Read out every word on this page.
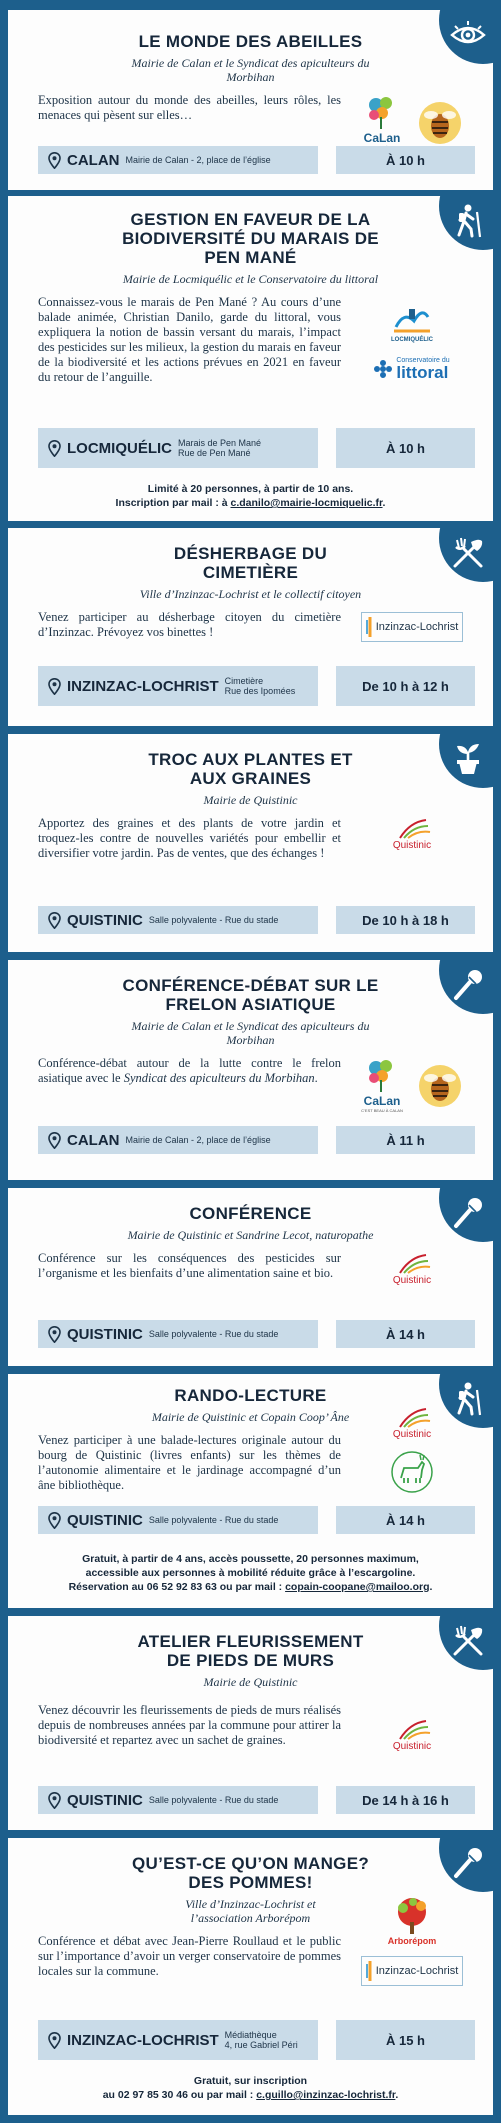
LE MONDE DES ABEILLES

Mairie de Calan et le Syndicat des apiculteurs du Morbihan

Exposition autour du monde des abeilles, leurs rôles, les menaces qui pèsent sur elles…

CaLan
CALAN Mairie de Calan - 2, place de l’église	À 10 h
GESTION EN FAVEUR DE LA BIODIVERSITÉ DU MARAIS DE PEN MANÉ

Mairie de Locmiquélic et le Conservatoire du littoral

Connaissez-vous le marais de Pen Mané ? Au cours d’une balade animée, Christian Danilo, garde du littoral, vous expliquera la notion de bassin versant du marais, l’impact des pesticides sur les milieux, la gestion du marais en faveur de la biodiversité et les actions prévues en 2021 en faveur du retour de l’anguille.

LOCMIQUÉLIC
Conservatoire du
littoral
LOCMIQUÉLIC Marais de Pen Mané
Rue de Pen Mané	À 10 h
Limité à 20 personnes, à partir de 10 ans.
Inscription par mail : à c.danilo@mairie-locmiquelic.fr.
DÉSHERBAGE DU CIMETIÈRE

Ville d’Inzinzac-Lochrist et le collectif citoyen

Venez participer au désherbage citoyen du cimetière d’Inzinzac. Prévoyez vos binettes !	Inzinzac-Lochrist
INZINZAC-LOCHRIST Cimetière
Rue des Ipomées	De 10 h à 12 h
TROC AUX PLANTES ET AUX GRAINES

Mairie de Quistinic

Apportez des graines et des plants de votre jardin et troquez-les contre de nouvelles variétés pour embellir et diversifier votre jardin. Pas de ventes, que des échanges !

Quistinic
QUISTINIC Salle polyvalente - Rue du stade	De 10 h à 18 h
CONFÉRENCE-DÉBAT SUR LE FRELON ASIATIQUE

Mairie de Calan et le Syndicat des apiculteurs du Morbihan

Conférence-débat autour de la lutte contre le frelon asiatique avec le Syndicat des apiculteurs du Morbihan.

CaLan
C’EST BEAU À CALAN
CALAN Mairie de Calan - 2, place de l’église	À 11 h
CONFÉRENCE

Mairie de Quistinic et Sandrine Lecot, naturopathe

Conférence sur les conséquences des pesticides sur l’organisme et les bienfaits d’une alimentation saine et bio.

Quistinic
QUISTINIC Salle polyvalente - Rue du stade	À 14 h
RANDO-LECTURE

Mairie de Quistinic et Copain Coop’ Âne

Venez participer à une balade-lectures originale autour du bourg de Quistinic (livres enfants) sur les thèmes de l’autonomie alimentaire et le jardinage accompagné d’un âne bibliothèque.

Quistinic
QUISTINIC Salle polyvalente - Rue du stade	À 14 h
Gratuit, à partir de 4 ans, accès poussette, 20 personnes maximum,
accessible aux personnes à mobilité réduite grâce à l’escargoline.
Réservation au 06 52 92 83 63 ou par mail : copain-coopane@mailoo.org.
ATELIER FLEURISSEMENT DE PIEDS DE MURS

Mairie de Quistinic

Venez découvrir les fleurissements de pieds de murs réalisés depuis de nombreuses années par la commune pour attirer la biodiversité et repartez avec un sachet de graines.	Quistinic
QUISTINIC Salle polyvalente - Rue du stade	De 14 h à 16 h
QU’EST-CE QU’ON MANGE? DES POMMES!

Ville d’Inzinzac-Lochrist et l’association Arborépom

Conférence et débat avec Jean-Pierre Roullaud et le public sur l’importance d’avoir un verger conservatoire de pommes locales sur la commune.

Arborépom
Inzinzac-Lochrist
INZINZAC-LOCHRIST Médiathèque
4, rue Gabriel Péri	À 15 h
Gratuit, sur inscription
au 02 97 85 30 46 ou par mail : c.guillo@inzinzac-lochrist.fr.
